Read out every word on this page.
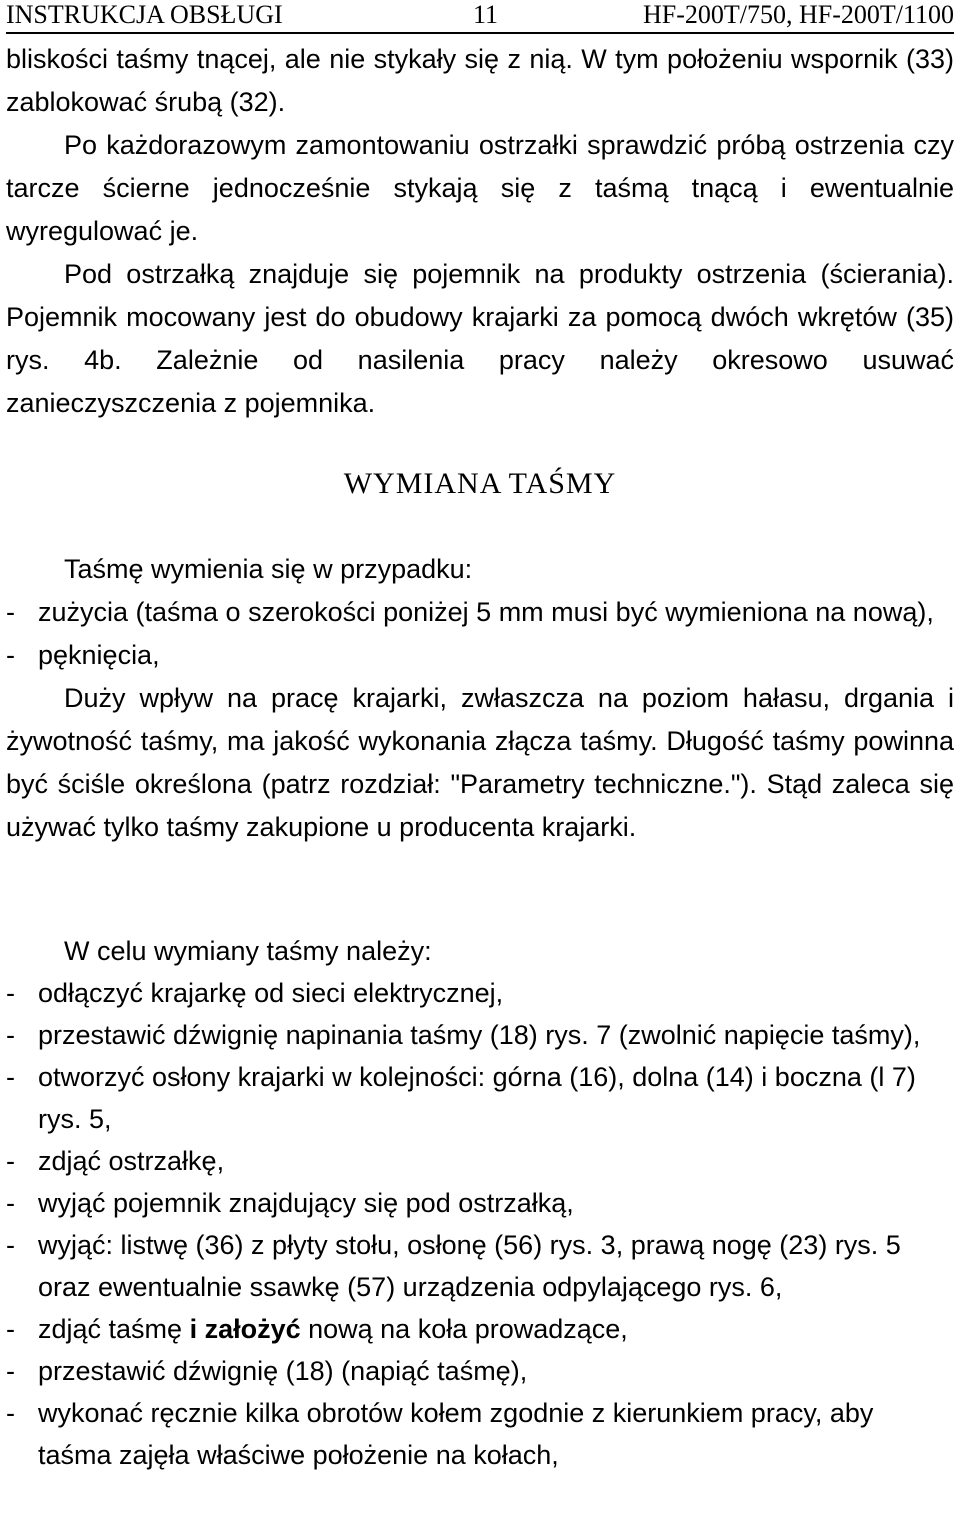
INSTRUKCJA OBSŁUGI	11	HF-200T/750, HF-200T/1100

bliskości taśmy tnącej, ale nie stykały się z nią. W tym położeniu wspornik (33) zablokować śrubą (32).

Po każdorazowym zamontowaniu ostrzałki sprawdzić próbą ostrzenia czy tarcze ścierne jednocześnie stykają się z taśmą tnącą i ewentualnie wyregulować je.

Pod ostrzałką znajduje się pojemnik na produkty ostrzenia (ścierania). Pojemnik mocowany jest do obudowy krajarki za pomocą dwóch wkrętów (35) rys. 4b. Zależnie od nasilenia pracy należy okresowo usuwać zanieczyszczenia z pojemnika.

WYMIANA TAŚMY

Taśmę wymienia się w przypadku:

- zużycia (taśma o szerokości poniżej 5 mm musi być wymieniona na nową),
- pęknięcia,

Duży wpływ na pracę krajarki, zwłaszcza na poziom hałasu, drgania i żywotność taśmy, ma jakość wykonania złącza taśmy. Długość taśmy powinna być ściśle określona (patrz rozdział: "Parametry techniczne."). Stąd zaleca się używać tylko taśmy zakupione u producenta krajarki.

W celu wymiany taśmy należy:

- odłączyć krajarkę od sieci elektrycznej,
- przestawić dźwignię napinania taśmy (18) rys. 7 (zwolnić napięcie taśmy),
- otworzyć osłony krajarki w kolejności: górna (16), dolna (14) i boczna (l 7) rys. 5,
- zdjąć ostrzałkę,
- wyjąć pojemnik znajdujący się pod ostrzałką,
- wyjąć: listwę (36) z płyty stołu, osłonę (56) rys. 3, prawą nogę (23) rys. 5 oraz ewentualnie ssawkę (57) urządzenia odpylającego rys. 6,
- zdjąć taśmę i założyć nową na koła prowadzące,
- przestawić dźwignię (18) (napiąć taśmę),
- wykonać ręcznie kilka obrotów kołem zgodnie z kierunkiem pracy, aby taśma zajęła właściwe położenie na kołach,
